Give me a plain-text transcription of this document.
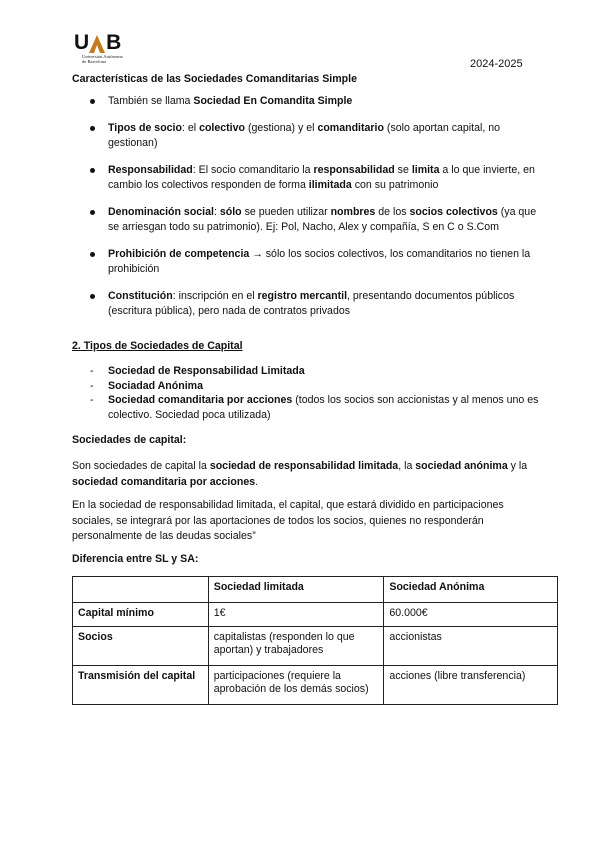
U B
Universitat Autònoma
de Barcelona	2024-2025
Características de las Sociedades Comanditarias Simple
También se llama Sociedad En Comandita Simple
Tipos de socio: el colectivo (gestiona) y el comanditario (solo aportan capital, no gestionan)
Responsabilidad: El socio comanditario la responsabilidad se limita a lo que invierte, en cambio los colectivos responden de forma ilimitada con su patrimonio
Denominación social: sólo se pueden utilizar nombres de los socios colectivos (ya que se arriesgan todo su patrimonio). Ej: Pol, Nacho, Alex y compañía, S en C o S.Com
Prohibición de competencia → sólo los socios colectivos, los comanditarios no tienen la prohibición
Constitución: inscripción en el registro mercantil, presentando documentos públicos (escritura pública), pero nada de contratos privados
2. Tipos de Sociedades de Capital
- Sociedad de Responsabilidad Limitada
- Sociadad Anónima
- Sociedad comanditaria por acciones (todos los socios son accionistas y al menos uno es colectivo. Sociedad poca utilizada)
Sociedades de capital:
Son sociedades de capital la sociedad de responsabilidad limitada, la sociedad anónima y la sociedad comanditaria por acciones.
En la sociedad de responsabilidad limitada, el capital, que estará dividido en participaciones sociales, se integrará por las aportaciones de todos los socios, quienes no responderán personalmente de las deudas sociales”
Diferencia entre SL y SA:
	Sociedad limitada	Sociedad Anónima
Capital mínimo	1€	60.000€
Socios	capitalistas (responden lo que aportan) y trabajadores	accionistas
Transmisión del capital	participaciones (requiere la aprobación de los demás socios)	acciones (libre transferencia)
